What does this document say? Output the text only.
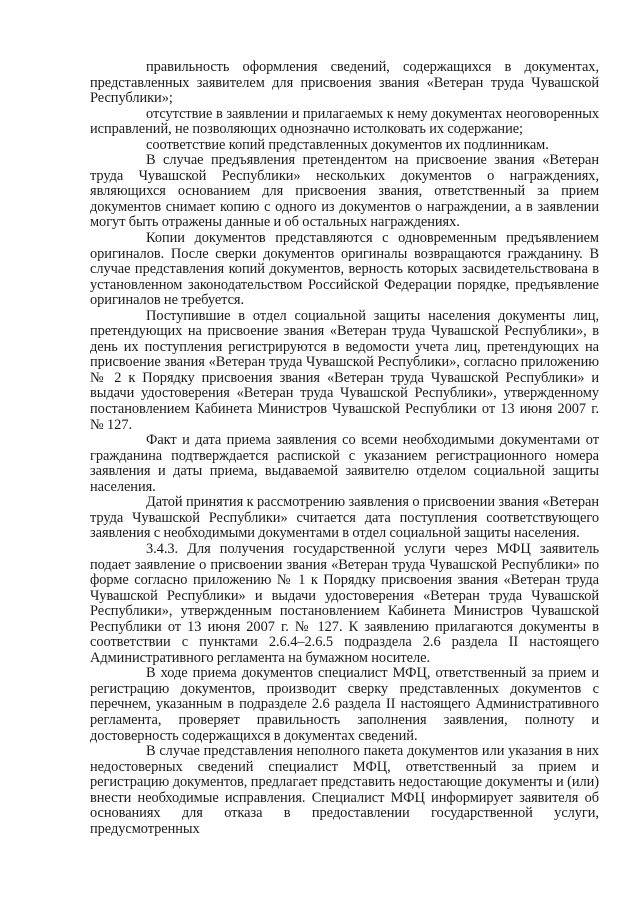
правильность оформления сведений, содержащихся в документах, представленных заявителем для присвоения звания «Ветеран труда Чувашской Республики»;

отсутствие в заявлении и прилагаемых к нему документах неоговоренных исправлений, не позволяющих однозначно истолковать их содержание;

соответствие копий представленных документов их подлинникам.

В случае предъявления претендентом на присвоение звания «Ветеран труда Чувашской Республики» нескольких документов о награждениях, являющихся основанием для присвоения звания, ответственный за прием документов снимает копию с одного из документов о награждении, а в заявлении могут быть отражены данные и об остальных награждениях.

Копии документов представляются с одновременным предъявлением оригиналов. После сверки документов оригиналы возвращаются гражданину. В случае представления копий документов, верность которых засвидетельствована в установленном законодательством Российской Федерации порядке, предъявление оригиналов не требуется.

Поступившие в отдел социальной защиты населения документы лиц, претендующих на присвоение звания «Ветеран труда Чувашской Республики», в день их поступления регистрируются в ведомости учета лиц, претендующих на присвоение звания «Ветеран труда Чувашской Республики», согласно приложению № 2 к Порядку присвоения звания «Ветеран труда Чувашской Республики» и выдачи удостоверения «Ветеран труда Чувашской Республики», утвержденному постановлением Кабинета Министров Чувашской Республики от 13 июня 2007 г. № 127.

Факт и дата приема заявления со всеми необходимыми документами от гражданина подтверждается распиской с указанием регистрационного номера заявления и даты приема, выдаваемой заявителю отделом социальной защиты населения.

Датой принятия к рассмотрению заявления о присвоении звания «Ветеран труда Чувашской Республики» считается дата поступления соответствующего заявления с необходимыми документами в отдел социальной защиты населения.

3.4.3. Для получения государственной услуги через МФЦ заявитель подает заявление о присвоении звания «Ветеран труда Чувашской Республики» по форме согласно приложению № 1 к Порядку присвоения звания «Ветеран труда Чувашской Республики» и выдачи удостоверения «Ветеран труда Чувашской Республики», утвержденным постановлением Кабинета Министров Чувашской Республики от 13 июня 2007 г. № 127. К заявлению прилагаются документы в соответствии с пунктами 2.6.4–2.6.5 подраздела 2.6 раздела II настоящего Административного регламента на бумажном носителе.

В ходе приема документов специалист МФЦ, ответственный за прием и регистрацию документов, производит сверку представленных документов с перечнем, указанным в подразделе 2.6 раздела II настоящего Административного регламента, проверяет правильность заполнения заявления, полноту и достоверность содержащихся в документах сведений.

В случае представления неполного пакета документов или указания в них недостоверных сведений специалист МФЦ, ответственный за прием и регистрацию документов, предлагает представить недостающие документы и (или) внести необходимые исправления. Специалист МФЦ информирует заявителя об основаниях для отказа в предоставлении государственной услуги, предусмотренных
